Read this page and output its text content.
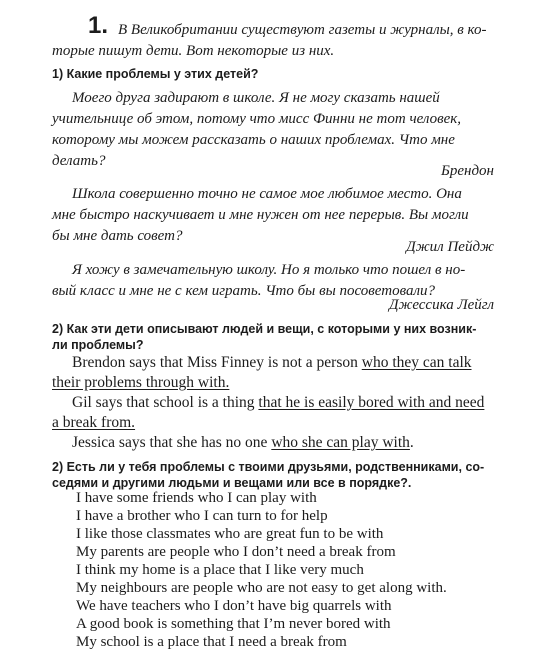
1. В Великобритании существуют газеты и журналы, в ко-
торые пишут дети. Вот некоторые из них.
1) Какие проблемы у этих детей?
Моего друга задирают в школе. Я не могу сказать нашей
учительнице об этом, потому что мисс Финни не тот человек,
которому мы можем рассказать о наших проблемах. Что мне
делать?
Брендон
Школа совершенно точно не самое мое любимое место. Она
мне быстро наскучивает и мне нужен от нее перерыв. Вы могли
бы мне дать совет?
Джил Пейдж
Я хожу в замечательную школу. Но я только что пошел в но-
вый класс и мне не с кем играть. Что бы вы посоветовали?
Джессика Лейгл
2) Как эти дети описывают людей и вещи, с которыми у них возник-
ли проблемы?
Brendon says that Miss Finney is not a person who they can talk
their problems through with.
Gil says that school is a thing that he is easily bored with and need
a break from.
Jessica says that she has no one who she can play with.
2) Есть ли у тебя проблемы с твоими друзьями, родственниками, со-
седями и другими людьми и вещами или все в порядке?.
I have some friends who I can play with
I have a brother who I can turn to for help
I like those classmates who are great fun to be with
My parents are people who I don’t need a break from
I think my home is a place that I like very much
My neighbours are people who are not easy to get along with.
We have teachers who I don’t have big quarrels with
A good book is something that I’m never bored with
My school is a place that I need a break from
